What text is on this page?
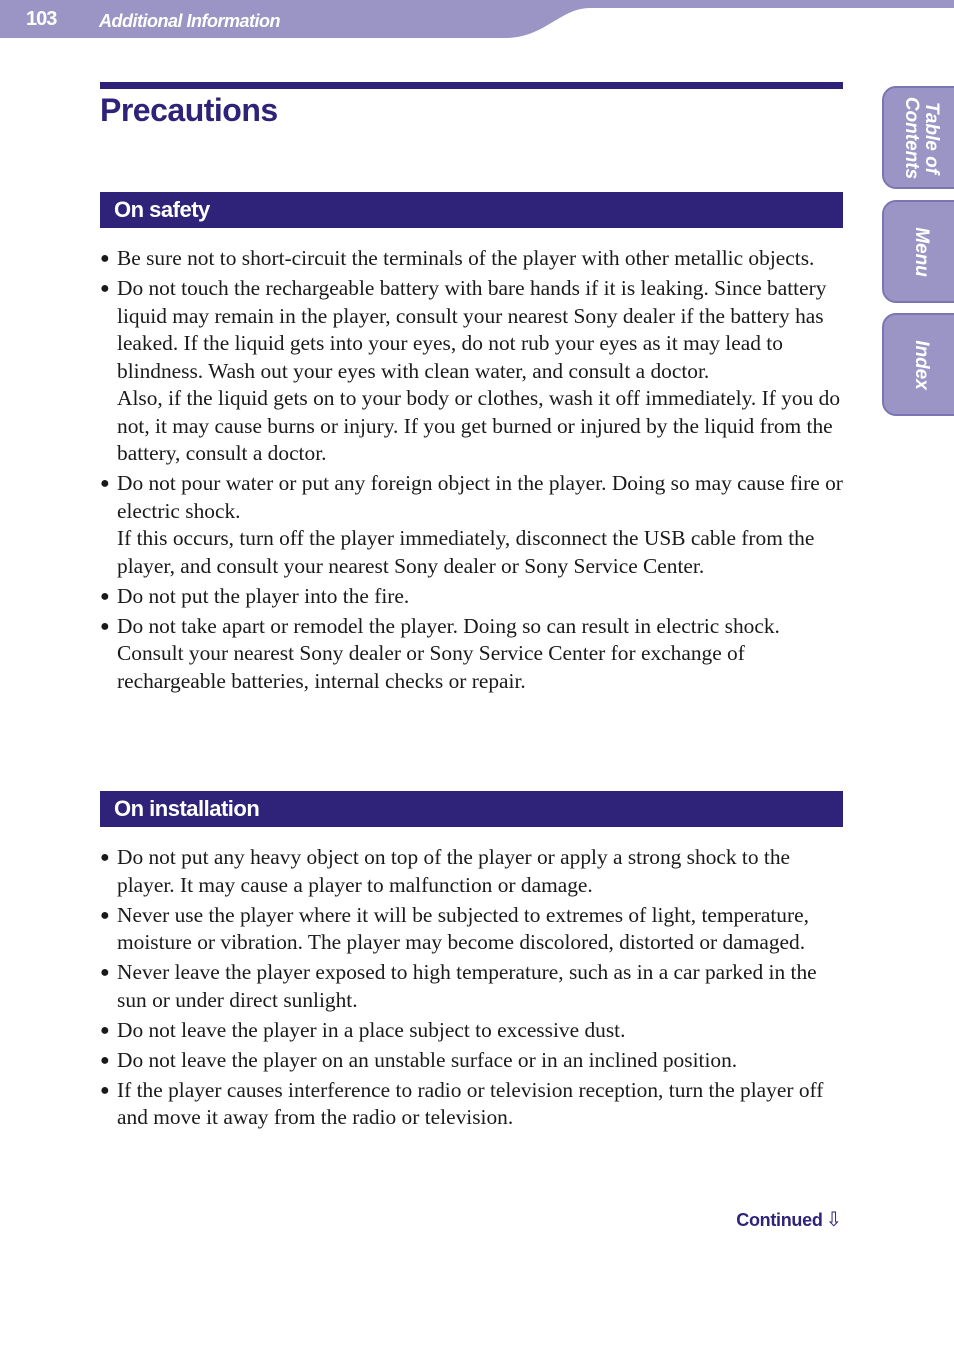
103 Additional Information
Precautions
On safety
● Be sure not to short-circuit the terminals of the player with other metallic objects.
● Do not touch the rechargeable battery with bare hands if it is leaking. Since battery liquid may remain in the player, consult your nearest Sony dealer if the battery has leaked. If the liquid gets into your eyes, do not rub your eyes as it may lead to blindness. Wash out your eyes with clean water, and consult a doctor.
Also, if the liquid gets on to your body or clothes, wash it off immediately. If you do not, it may cause burns or injury. If you get burned or injured by the liquid from the battery, consult a doctor.
● Do not pour water or put any foreign object in the player. Doing so may cause fire or electric shock.
If this occurs, turn off the player immediately, disconnect the USB cable from the player, and consult your nearest Sony dealer or Sony Service Center.
● Do not put the player into the fire.
● Do not take apart or remodel the player. Doing so can result in electric shock. Consult your nearest Sony dealer or Sony Service Center for exchange of rechargeable batteries, internal checks or repair.
On installation
● Do not put any heavy object on top of the player or apply a strong shock to the player. It may cause a player to malfunction or damage.
● Never use the player where it will be subjected to extremes of light, temperature, moisture or vibration. The player may become discolored, distorted or damaged.
● Never leave the player exposed to high temperature, such as in a car parked in the sun or under direct sunlight.
● Do not leave the player in a place subject to excessive dust.
● Do not leave the player on an unstable surface or in an inclined position.
● If the player causes interference to radio or television reception, turn the player off and move it away from the radio or television.
Table of
Contents
Menu
Index
Continued ⇩
